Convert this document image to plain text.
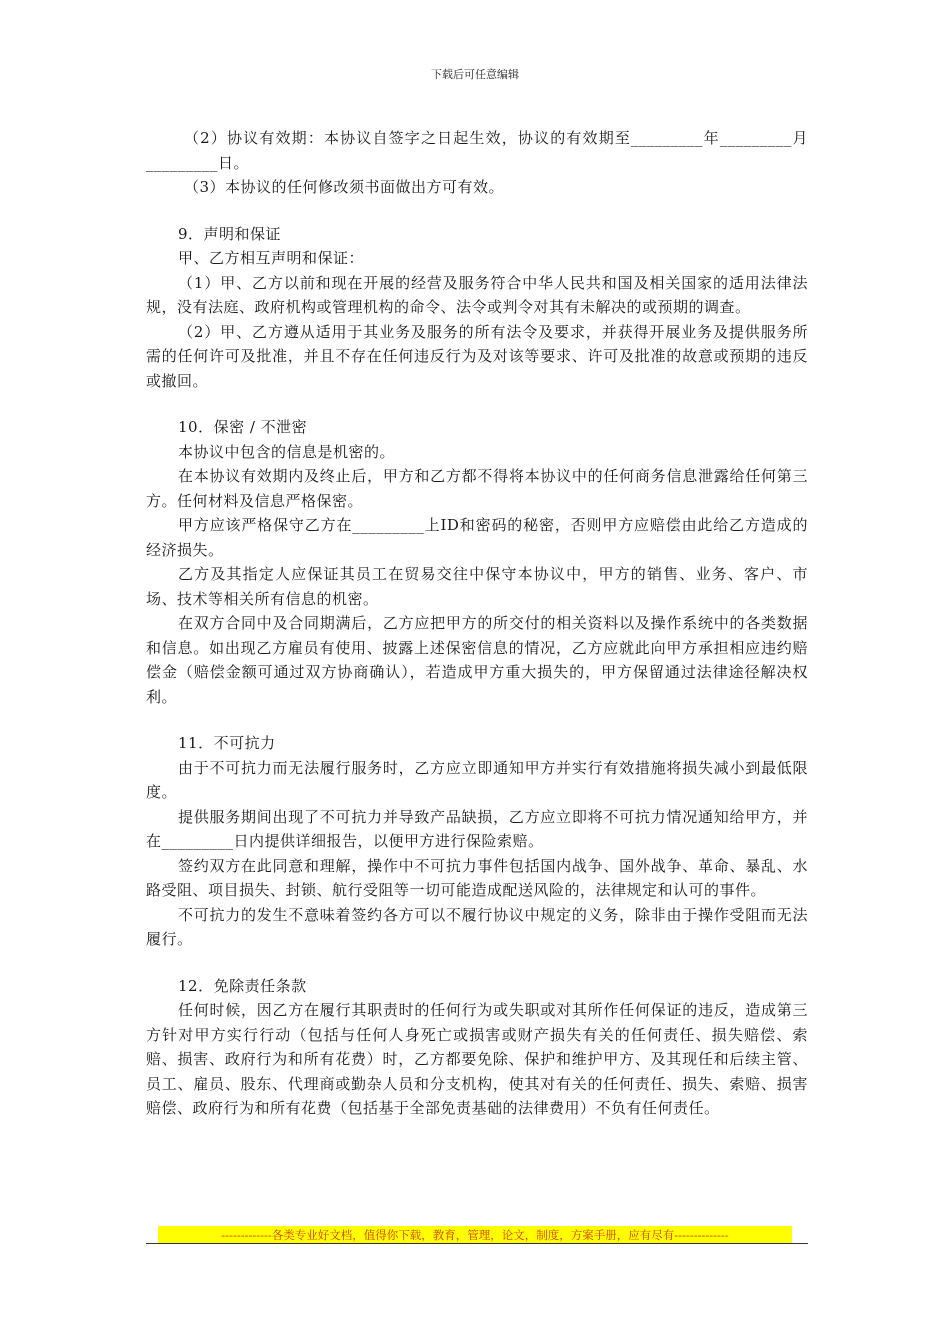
下载后可任意编辑

（2）协议有效期：本协议自签字之日起生效，协议的有效期至_________年_________月_________日。

（3）本协议的任何修改须书面做出方可有效。

9．声明和保证

甲、乙方相互声明和保证：

（1）甲、乙方以前和现在开展的经营及服务符合中华人民共和国及相关国家的适用法律法规，没有法庭、政府机构或管理机构的命令、法令或判令对其有未解决的或预期的调查。

（2）甲、乙方遵从适用于其业务及服务的所有法令及要求，并获得开展业务及提供服务所需的任何许可及批准，并且不存在任何违反行为及对该等要求、许可及批准的故意或预期的违反或撤回。

10．保密 / 不泄密

本协议中包含的信息是机密的。

在本协议有效期内及终止后，甲方和乙方都不得将本协议中的任何商务信息泄露给任何第三方。任何材料及信息严格保密。

甲方应该严格保守乙方在_________上ID和密码的秘密，否则甲方应赔偿由此给乙方造成的经济损失。

乙方及其指定人应保证其员工在贸易交往中保守本协议中，甲方的销售、业务、客户、市场、技术等相关所有信息的机密。

在双方合同中及合同期满后，乙方应把甲方的所交付的相关资料以及操作系统中的各类数据和信息。如出现乙方雇员有使用、披露上述保密信息的情况，乙方应就此向甲方承担相应违约赔偿金（赔偿金额可通过双方协商确认），若造成甲方重大损失的，甲方保留通过法律途径解决权利。

11．不可抗力

由于不可抗力而无法履行服务时，乙方应立即通知甲方并实行有效措施将损失减小到最低限度。

提供服务期间出现了不可抗力并导致产品缺损，乙方应立即将不可抗力情况通知给甲方，并在_________日内提供详细报告，以便甲方进行保险索赔。

签约双方在此同意和理解，操作中不可抗力事件包括国内战争、国外战争、革命、暴乱、水路受阻、项目损失、封锁、航行受阻等一切可能造成配送风险的，法律规定和认可的事件。

不可抗力的发生不意味着签约各方可以不履行协议中规定的义务，除非由于操作受阻而无法履行。

12．免除责任条款

任何时候，因乙方在履行其职责时的任何行为或失职或对其所作任何保证的违反，造成第三方针对甲方实行行动（包括与任何人身死亡或损害或财产损失有关的任何责任、损失赔偿、索赔、损害、政府行为和所有花费）时，乙方都要免除、保护和维护甲方、及其现任和后续主管、员工、雇员、股东、代理商或勤杂人员和分支机构，使其对有关的任何责任、损失、索赔、损害赔偿、政府行为和所有花费（包括基于全部免责基础的法律费用）不负有任何责任。

-------------各类专业好文档，值得你下载，教育，管理，论文，制度，方案手册，应有尽有--------------
